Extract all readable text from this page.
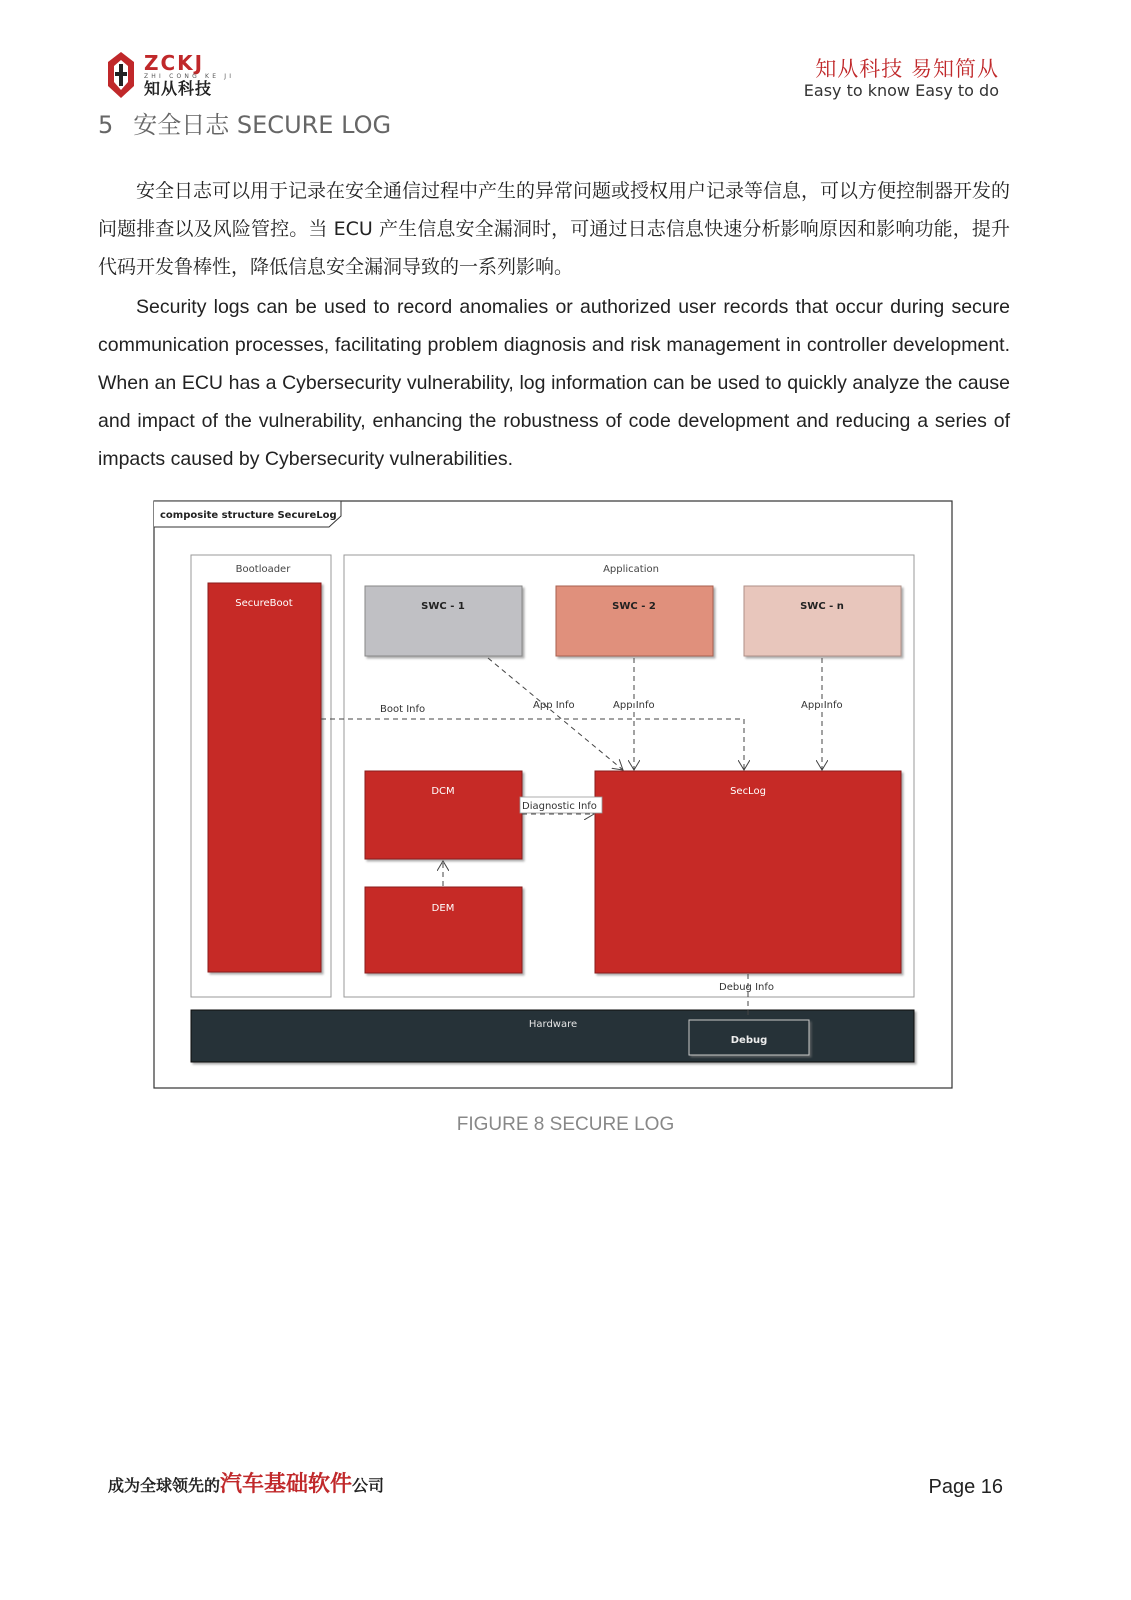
ZCKJ
ZHI CONG KE JI
知从科技
知从科技 易知简从
Easy to know Easy to do
5 安全日志 SECURE LOG

安全日志可以用于记录在安全通信过程中产生的异常问题或授权用户记录等信息，可以方便控制器开发的问题排查以及风险管控。当 ECU 产生信息安全漏洞时，可通过日志信息快速分析影响原因和影响功能，提升代码开发鲁棒性，降低信息安全漏洞导致的一系列影响。

Security logs can be used to record anomalies or authorized user records that occur during secure communication processes, facilitating problem diagnosis and risk management in controller development. When an ECU has a Cybersecurity vulnerability, log information can be used to quickly analyze the cause and impact of the vulnerability, enhancing the robustness of code development and reducing a series of impacts caused by Cybersecurity vulnerabilities.

composite structure SecureLog
Bootloader
SecureBoot
Application
SWC - 1	SWC - 2	SWC - n
DCM
DEM
SecLog
Hardware
Debug
Boot Info	App Info	App Info	App Info
Diagnostic Info
Debug Info
FIGURE 8 SECURE LOG
成为全球领先的汽车基础软件公司	Page 16
